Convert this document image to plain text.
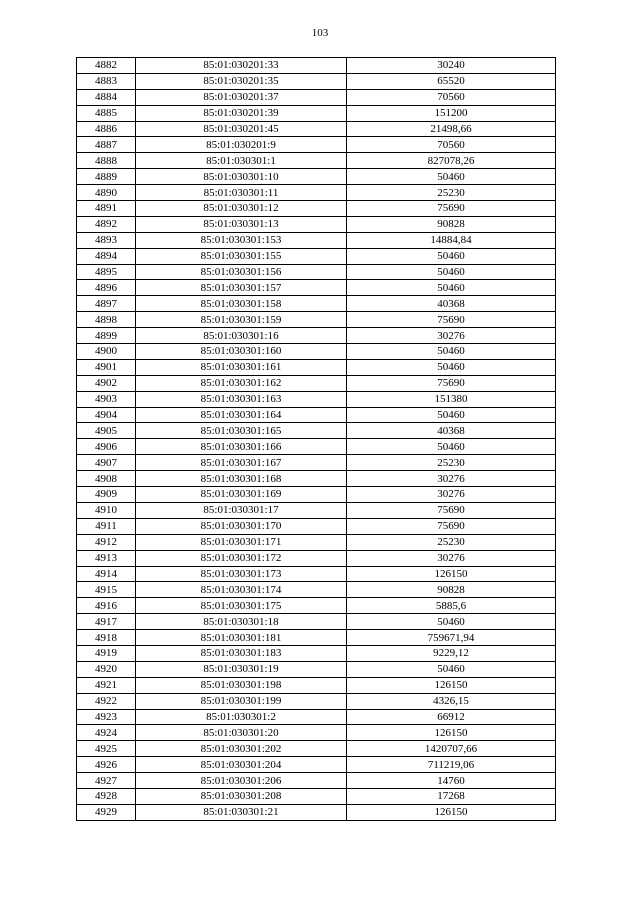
103
4882	85:01:030201:33	30240
4883	85:01:030201:35	65520
4884	85:01:030201:37	70560
4885	85:01:030201:39	151200
4886	85:01:030201:45	21498,66
4887	85:01:030201:9	70560
4888	85:01:030301:1	827078,26
4889	85:01:030301:10	50460
4890	85:01:030301:11	25230
4891	85:01:030301:12	75690
4892	85:01:030301:13	90828
4893	85:01:030301:153	14884,84
4894	85:01:030301:155	50460
4895	85:01:030301:156	50460
4896	85:01:030301:157	50460
4897	85:01:030301:158	40368
4898	85:01:030301:159	75690
4899	85:01:030301:16	30276
4900	85:01:030301:160	50460
4901	85:01:030301:161	50460
4902	85:01:030301:162	75690
4903	85:01:030301:163	151380
4904	85:01:030301:164	50460
4905	85:01:030301:165	40368
4906	85:01:030301:166	50460
4907	85:01:030301:167	25230
4908	85:01:030301:168	30276
4909	85:01:030301:169	30276
4910	85:01:030301:17	75690
4911	85:01:030301:170	75690
4912	85:01:030301:171	25230
4913	85:01:030301:172	30276
4914	85:01:030301:173	126150
4915	85:01:030301:174	90828
4916	85:01:030301:175	5885,6
4917	85:01:030301:18	50460
4918	85:01:030301:181	759671,94
4919	85:01:030301:183	9229,12
4920	85:01:030301:19	50460
4921	85:01:030301:198	126150
4922	85:01:030301:199	4326,15
4923	85:01:030301:2	66912
4924	85:01:030301:20	126150
4925	85:01:030301:202	1420707,66
4926	85:01:030301:204	711219,06
4927	85:01:030301:206	14760
4928	85:01:030301:208	17268
4929	85:01:030301:21	126150
